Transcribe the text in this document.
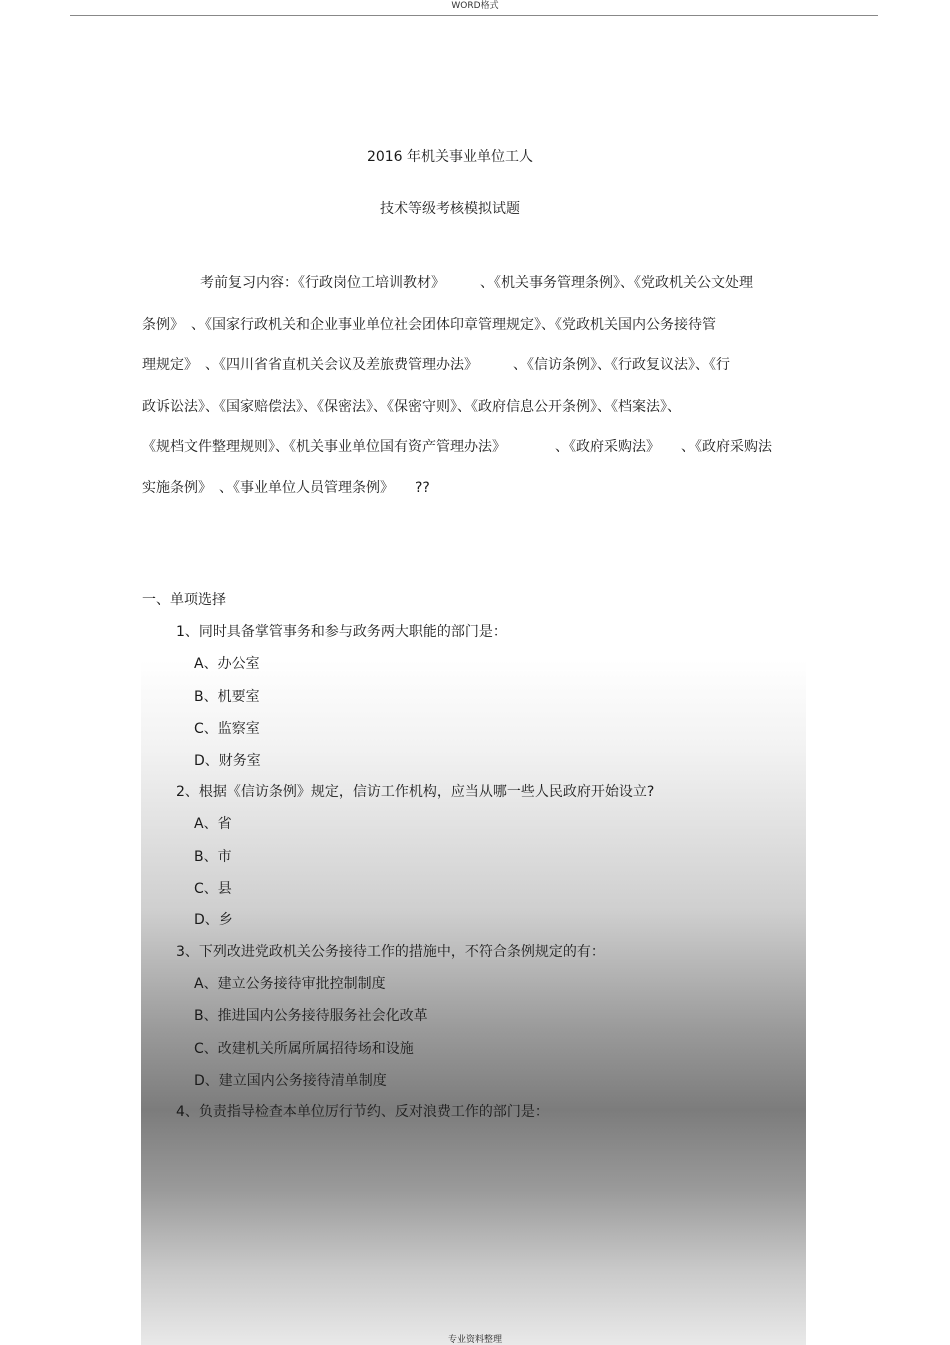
WORD格式
2016 年机关事业单位工人
技术等级考核模拟试题
考前复习内容：《行政岗位工培训教材》　　　、《机关事务管理条例》、《党政机关公文处理
条例》　、《国家行政机关和企业事业单位社会团体印章管理规定》、《党政机关国内公务接待管
理规定》　、《四川省省直机关会议及差旅费管理办法》　　　、《信访条例》、《行政复议法》、《行
政诉讼法》、《国家赔偿法》、《保密法》、《保密守则》、《政府信息公开条例》、《档案法》、
《规档文件整理规则》、《机关事业单位国有资产管理办法》　　　　、《政府采购法》　　、《政府采购法
实施条例》　、《事业单位人员管理条例》　　??
一、单项选择
1、同时具备掌管事务和参与政务两大职能的部门是：
A、办公室
B、机要室
C、监察室
D、财务室
2、根据《信访条例》规定，信访工作机构，应当从哪一些人民政府开始设立?
A、省
B、市
C、县
D、乡
3、下列改进党政机关公务接待工作的措施中，不符合条例规定的有：
A、建立公务接待审批控制制度
B、推进国内公务接待服务社会化改革
C、改建机关所属所属招待场和设施
D、建立国内公务接待清单制度
4、负责指导检查本单位厉行节约、反对浪费工作的部门是：
专业资料整理
